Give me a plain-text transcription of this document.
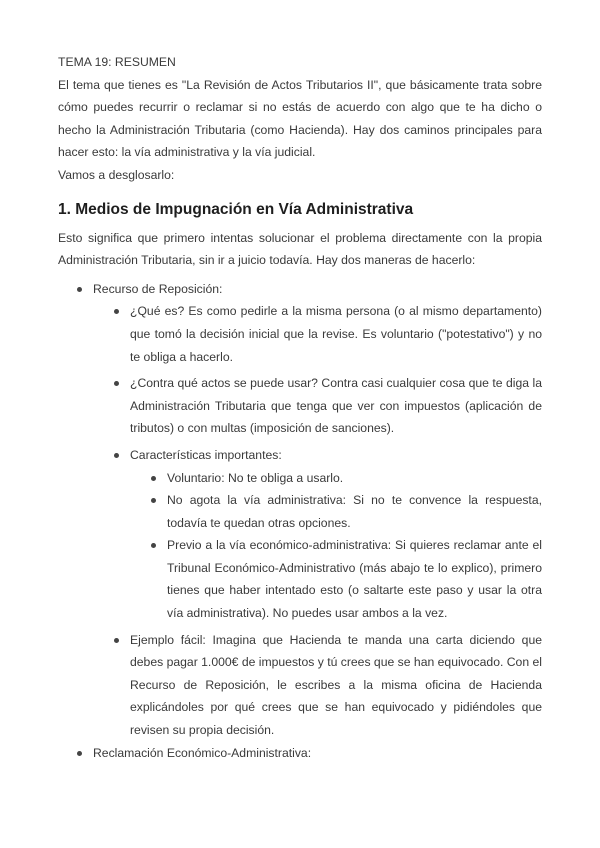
TEMA 19: RESUMEN

El tema que tienes es "La Revisión de Actos Tributarios II", que básicamente trata sobre cómo puedes recurrir o reclamar si no estás de acuerdo con algo que te ha dicho o hecho la Administración Tributaria (como Hacienda). Hay dos caminos principales para hacer esto: la vía administrativa y la vía judicial.

Vamos a desglosarlo:

1. Medios de Impugnación en Vía Administrativa

Esto significa que primero intentas solucionar el problema directamente con la propia Administración Tributaria, sin ir a juicio todavía. Hay dos maneras de hacerlo:

Recurso de Reposición:
¿Qué es? Es como pedirle a la misma persona (o al mismo departamento) que tomó la decisión inicial que la revise. Es voluntario ("potestativo") y no te obliga a hacerlo.
¿Contra qué actos se puede usar? Contra casi cualquier cosa que te diga la Administración Tributaria que tenga que ver con impuestos (aplicación de tributos) o con multas (imposición de sanciones).
Características importantes:
Voluntario: No te obliga a usarlo.
No agota la vía administrativa: Si no te convence la respuesta, todavía te quedan otras opciones.
Previo a la vía económico-administrativa: Si quieres reclamar ante el Tribunal Económico-Administrativo (más abajo te lo explico), primero tienes que haber intentado esto (o saltarte este paso y usar la otra vía administrativa). No puedes usar ambos a la vez.
Ejemplo fácil: Imagina que Hacienda te manda una carta diciendo que debes pagar 1.000€ de impuestos y tú crees que se han equivocado. Con el Recurso de Reposición, le escribes a la misma oficina de Hacienda explicándoles por qué crees que se han equivocado y pidiéndoles que revisen su propia decisión.
Reclamación Económico-Administrativa:
